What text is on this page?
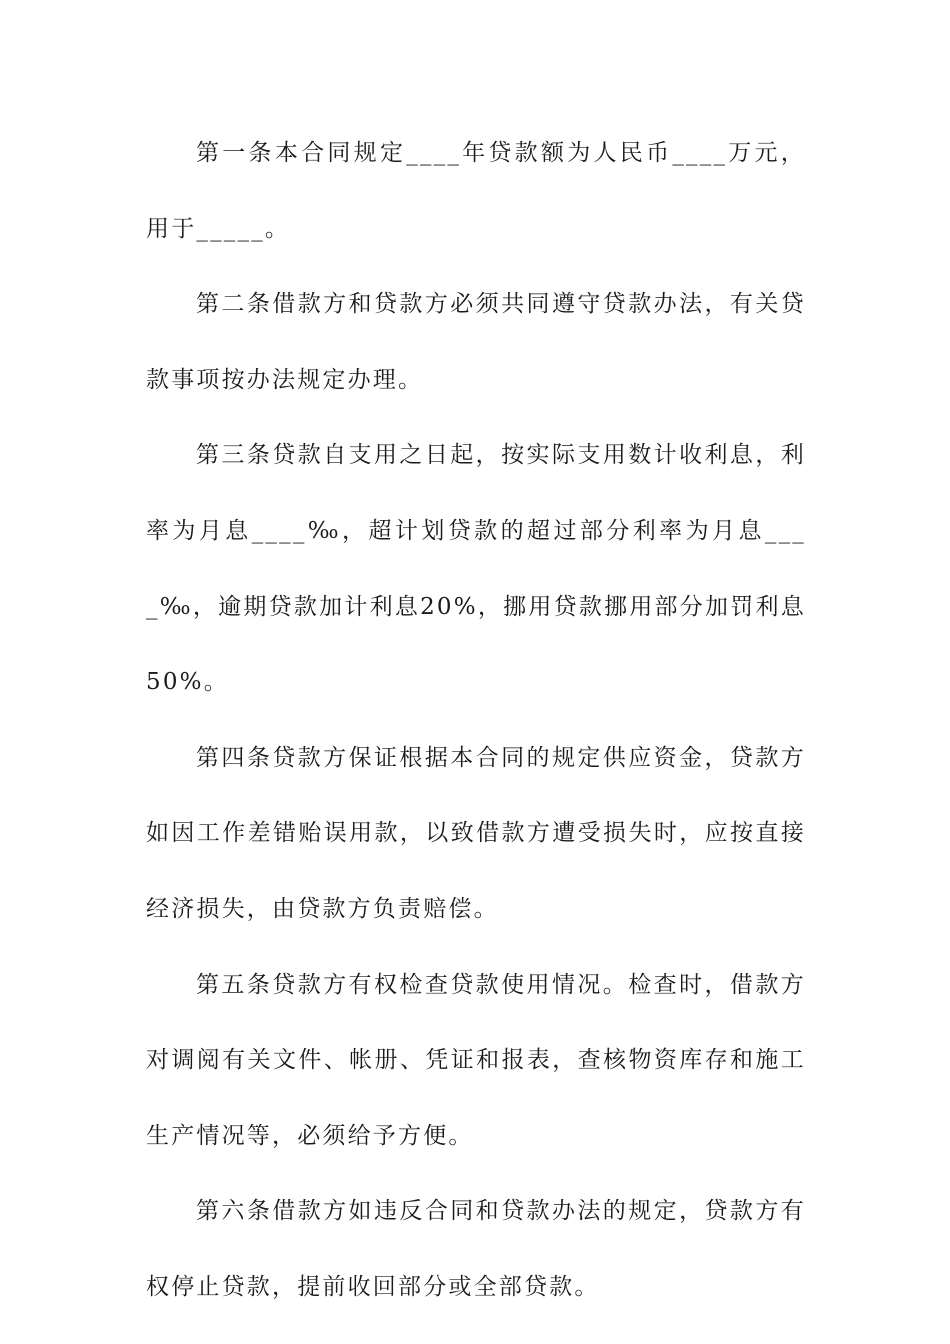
第一条本合同规定____年贷款额为人民币____万元，用于_____。

第二条借款方和贷款方必须共同遵守贷款办法，有关贷款事项按办法规定办理。

第三条贷款自支用之日起，按实际支用数计收利息，利率为月息____‰，超计划贷款的超过部分利率为月息____‰，逾期贷款加计利息20%，挪用贷款挪用部分加罚利息50%。

第四条贷款方保证根据本合同的规定供应资金，贷款方如因工作差错贻误用款，以致借款方遭受损失时，应按直接经济损失，由贷款方负责赔偿。

第五条贷款方有权检查贷款使用情况。检查时，借款方对调阅有关文件、帐册、凭证和报表，查核物资库存和施工生产情况等，必须给予方便。

第六条借款方如违反合同和贷款办法的规定，贷款方有权停止贷款，提前收回部分或全部贷款。
